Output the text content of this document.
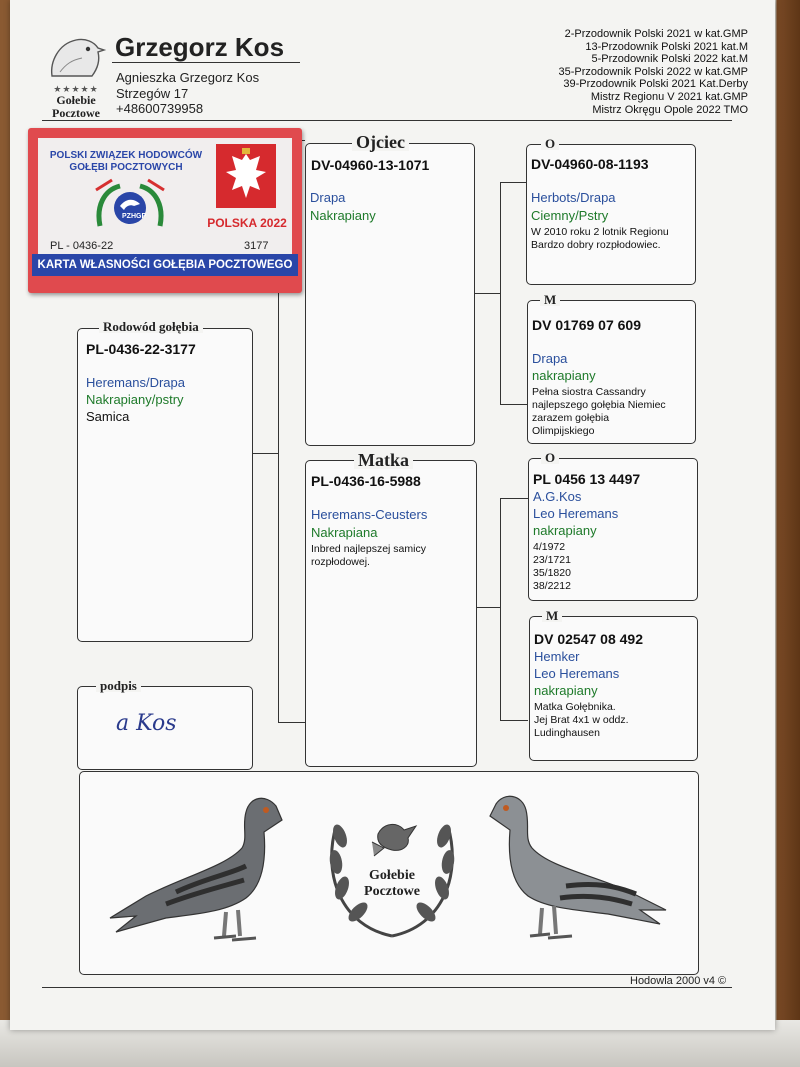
★★★★★
Gołebie
Pocztowe
Grzegorz Kos
Agnieszka Grzegorz Kos
Strzegów 17
+48600739958
2-Przodownik Polski 2021 w kat.GMP
13-Przodownik Polski 2021 kat.M
5-Przodownik Polski 2022 kat.M
35-Przodownik Polski 2022 w kat.GMP
39-Przodownik Polski 2021 Kat.Derby
Mistrz Regionu V 2021 kat.GMP
Mistrz Okręgu Opole 2022 TMO
POLSKI ZWIĄZEK HODOWCÓW
GOŁĘBI POCZTOWYCH
PZHGP	POLSKA 2022
PL - 0436-22	3177
KARTA WŁASNOŚCI GOŁĘBIA POCZTOWEGO
PL-0436-22-3177
Heremans/Drapa
Nakrapiany/pstry
Samica
Rodowód gołębia
a Kos
podpis
DV-04960-13-1071
Drapa
Nakrapiany
Ojciec
PL-0436-16-5988
Heremans-Ceusters
Nakrapiana
Inbred najlepszej samicy rozpłodowej.
Matka
DV-04960-08-1193
Herbots/Drapa
Ciemny/Pstry
W 2010 roku 2 lotnik Regionu
Bardzo dobry rozpłodowiec.
O
DV 01769 07 609
Drapa
nakrapiany
Pełna siostra Cassandry
najlepszego gołębia Niemiec
zarazem gołębia
Olimpijskiego
M
PL 0456 13 4497
A.G.Kos
Leo Heremans
nakrapiany
4/1972
23/1721
35/1820
38/2212
O
DV 02547 08 492
Hemker
Leo Heremans
nakrapiany
Matka Gołębnika.
Jej Brat 4x1 w oddz.
Ludinghausen
M
Gołebie
Pocztowe
Hodowla 2000 v4 ©
